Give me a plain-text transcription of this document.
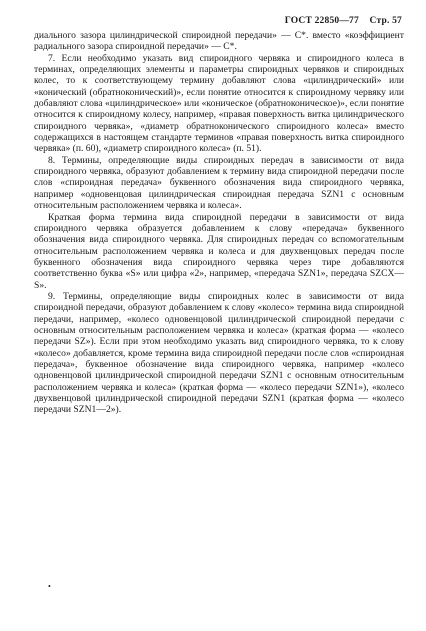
ГОСТ 22850—77 Стр. 57

диального зазора цилиндрической спироидной передачи» — C*. вместо «коэффициент радиального зазора спироидной передачи» — C*.

7. Если необходимо указать вид спироидного червяка и спироидного колеса в терминах, определяющих элементы и параметры спироидных червяков и спироидных колес, то к соответствующему термину добавляют слова «цилиндрический» или «конический (обратноконический)», если понятие относится к спироидному червяку или добавляют слова «цилиндрическое» или «коническое (обратноконическое)», если понятие относится к спироидному колесу, например, «правая поверхность витка цилиндрического спироидного червяка», «диаметр обратноконического спироидного колеса» вместо содержащихся в настоящем стандарте терминов «правая поверхность витка спироидного червяка» (п. 60), «диаметр спироидного колеса» (п. 51).

8. Термины, определяющие виды спироидных передач в зависимости от вида спироидного червяка, образуют добавлением к термину вида спироидной передачи после слов «спироидная передача» буквенного обозначения вида спироидного червяка, например «одновенцовая цилиндрическая спироидная передача SZN1 с основным относительным расположением червяка и колеса».

Краткая форма термина вида спироидной передачи в зависимости от вида спироидного червяка образуется добавлением к слову «передача» буквенного обозначения вида спироидного червяка. Для спироидных передач со вспомогательным относительным расположением червяка и колеса и для двухвенцовых передач после буквенного обозначения вида спироидного червяка через тире добавляются соответственно буква «S» или цифра «2», например, «передача SZN1», передача SZCX—S».

9. Термины, определяющие виды спироидных колес в зависимости от вида спироидной передачи, образуют добавлением к слову «колесо» термина вида спироидной передачи, например, «колесо одновенцовой цилиндрической спироидной передачи с основным относительным расположением червяка и колеса» (краткая форма — «колесо передачи SZ»). Если при этом необходимо указать вид спироидного червяка, то к слову «колесо» добавляется, кроме термина вида спироидной передачи после слов «спироидная передача», буквенное обозначение вида спироидного червяка, например «колесо одновенцовой цилиндрической спироидной передачи SZN1 с основным относительным расположением червяка и колеса» (краткая форма — «колесо передачи SZN1»), «колесо двухвенцовой цилиндрической спироидной передачи SZN1 (краткая форма — «колесо передачи SZN1—2»).

•
